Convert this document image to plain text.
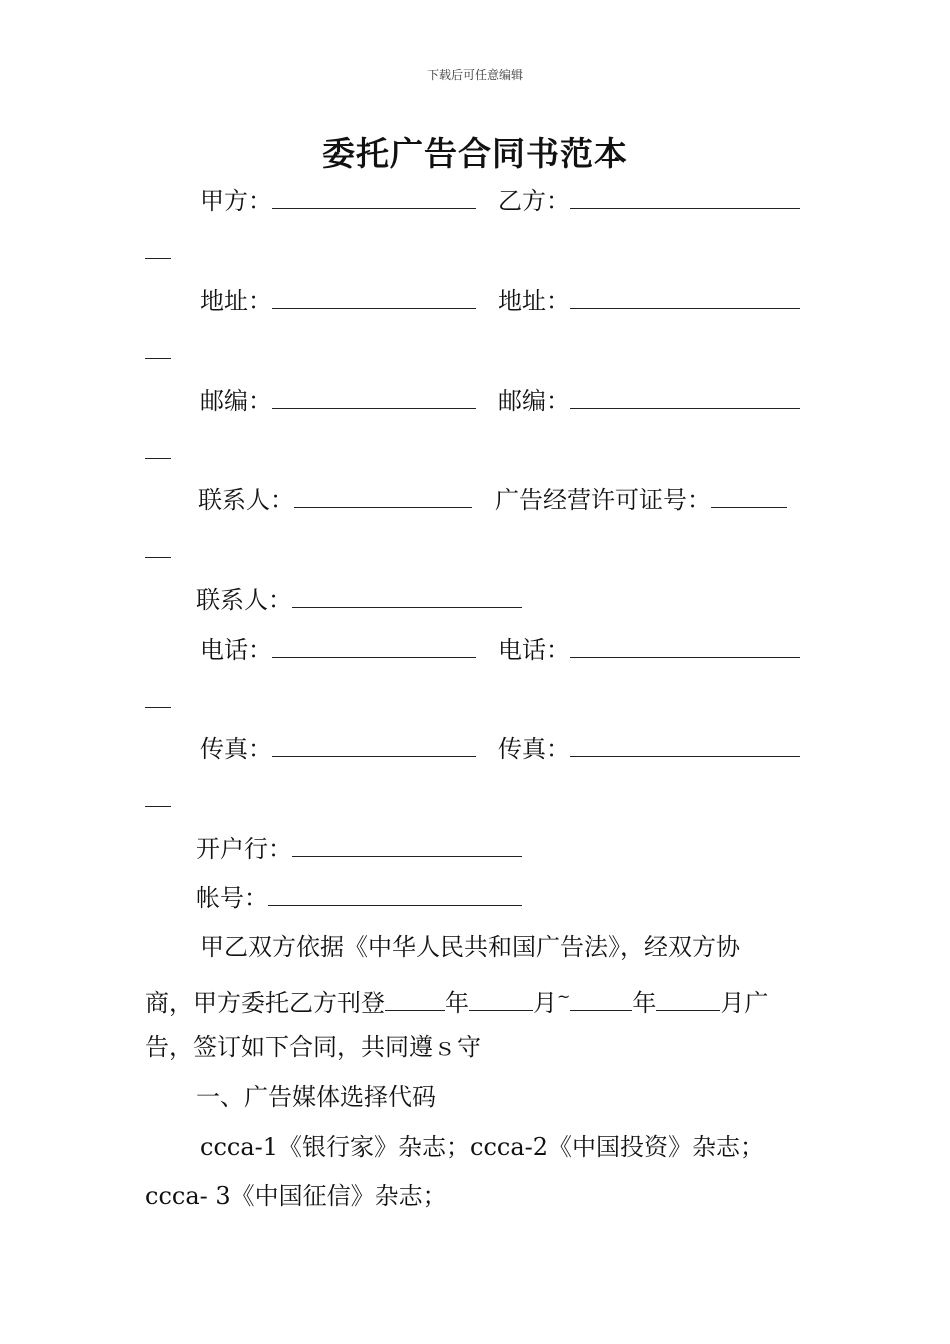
下载后可任意编辑
委托广告合同书范本
甲方：	乙方：
地址：	地址：
邮编：	邮编：
联系人：	广告经营许可证号：
联系人：
电话：	电话：
传真：	传真：
开户行：
帐号：
甲乙双方依据《中华人民共和国广告法》，经双方协
商，甲方委托乙方刊登	年	月~	年	月广
告，签订如下合同，共同遵ｓ守
一、广告媒体选择代码
ccca-1《银行家》杂志；ccca-2《中国投资》杂志；
ccca- 3《中国征信》杂志；
